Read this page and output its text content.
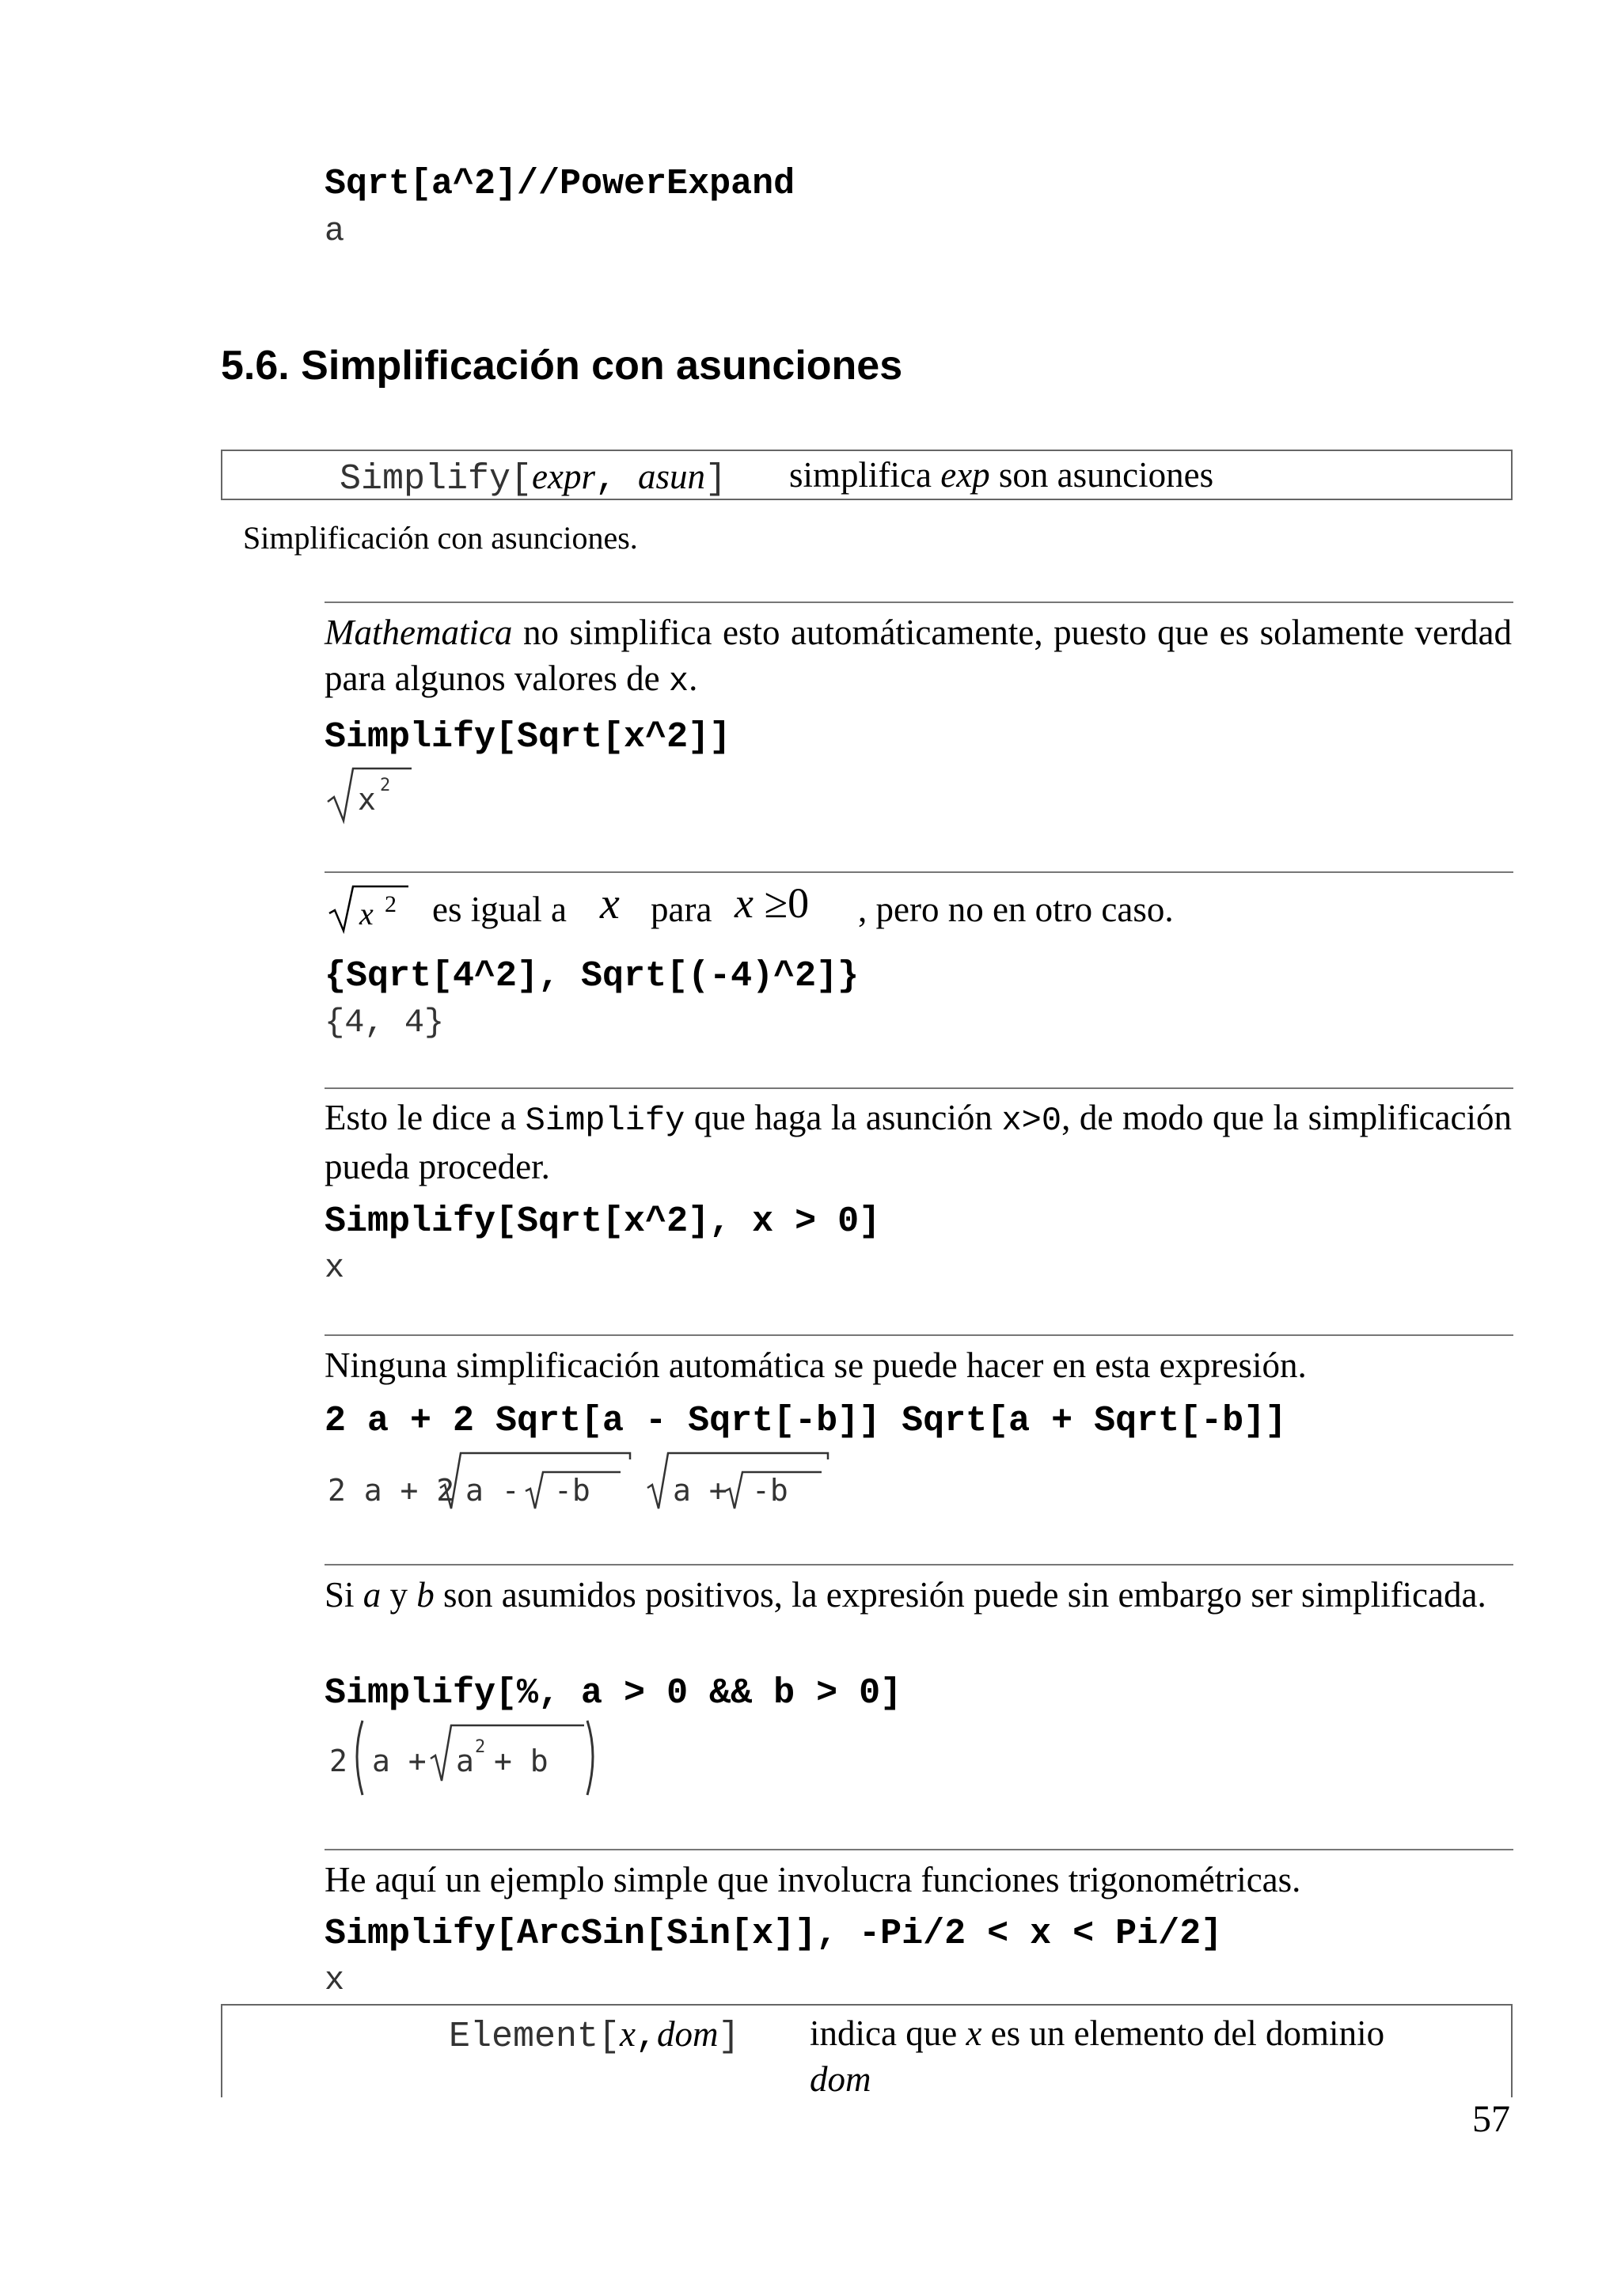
Sqrt[a^2]//PowerExpand
a
5.6. Simplificación con asunciones
Simplify[expr, asun] simplifica exp son asunciones
Simplificación con asunciones.
Mathematica no simplifica esto automáticamente, puesto que es solamente verdad para algunos valores de x.
Simplify[Sqrt[x^2]]
x 2
x 2 es igual a x para x ≥0 , pero no en otro caso.
{Sqrt[4^2], Sqrt[(-4)^2]}
{4, 4}
Esto le dice a Simplify que haga la asunción x>0, de modo que la simplificación pueda proceder.
Simplify[Sqrt[x^2], x > 0]
x
Ninguna simplificación automática se puede hacer en esta expresión.
2 a + 2 Sqrt[a - Sqrt[-b]] Sqrt[a + Sqrt[-b]]
2 a + 2 a - -b	a + -b
Si a y b son asumidos positivos, la expresión puede sin embargo ser simplificada.
Simplify[%, a > 0 && b > 0]
2 a + a 2 + b
He aquí un ejemplo simple que involucra funciones trigonométricas.
Simplify[ArcSin[Sin[x]], -Pi/2 < x < Pi/2]
x
Element[x,dom] indica que x es un elemento del dominio
dom
57
